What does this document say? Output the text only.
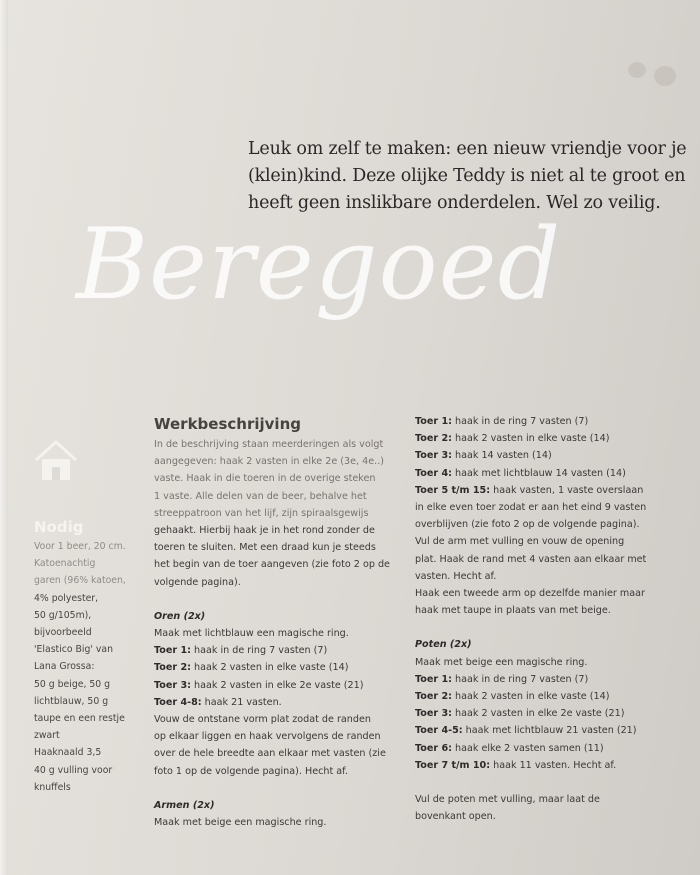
Leuk om zelf te maken: een nieuw vriendje voor je
(klein)kind. Deze olijke Teddy is niet al te groot en
heeft geen inslikbare onderdelen. Wel zo veilig.
Beregoed
Nodig
Voor 1 beer, 20 cm.
Katoenachtig
garen (96% katoen,
4% polyester,
50 g/105m),
bijvoorbeeld
'Elastico Big' van
Lana Grossa:
50 g beige, 50 g
lichtblauw, 50 g
taupe en een restje
zwart
Haaknaald 3,5
40 g vulling voor
knuffels
Werkbeschrijving
In de beschrijving staan meerderingen als volgt
aangegeven: haak 2 vasten in elke 2e (3e, 4e..)
vaste. Haak in die toeren in de overige steken
1 vaste. Alle delen van de beer, behalve het
streeppatroon van het lijf, zijn spiraalsgewijs
gehaakt. Hierbij haak je in het rond zonder de
toeren te sluiten. Met een draad kun je steeds
het begin van de toer aangeven (zie foto 2 op de
volgende pagina).
Oren (2x)
Maak met lichtblauw een magische ring.
Toer 1: haak in de ring 7 vasten (7)
Toer 2: haak 2 vasten in elke vaste (14)
Toer 3: haak 2 vasten in elke 2e vaste (21)
Toer 4-8: haak 21 vasten.
Vouw de ontstane vorm plat zodat de randen
op elkaar liggen en haak vervolgens de randen
over de hele breedte aan elkaar met vasten (zie
foto 1 op de volgende pagina). Hecht af.
Armen (2x)
Maak met beige een magische ring.
Toer 1: haak in de ring 7 vasten (7)
Toer 2: haak 2 vasten in elke vaste (14)
Toer 3: haak 14 vasten (14)
Toer 4: haak met lichtblauw 14 vasten (14)
Toer 5 t/m 15: haak vasten, 1 vaste overslaan
in elke even toer zodat er aan het eind 9 vasten
overblijven (zie foto 2 op de volgende pagina).
Vul de arm met vulling en vouw de opening
plat. Haak de rand met 4 vasten aan elkaar met
vasten. Hecht af.
Haak een tweede arm op dezelfde manier maar
haak met taupe in plaats van met beige.
Poten (2x)
Maak met beige een magische ring.
Toer 1: haak in de ring 7 vasten (7)
Toer 2: haak 2 vasten in elke vaste (14)
Toer 3: haak 2 vasten in elke 2e vaste (21)
Toer 4-5: haak met lichtblauw 21 vasten (21)
Toer 6: haak elke 2 vasten samen (11)
Toer 7 t/m 10: haak 11 vasten. Hecht af.
Vul de poten met vulling, maar laat de
bovenkant open.
